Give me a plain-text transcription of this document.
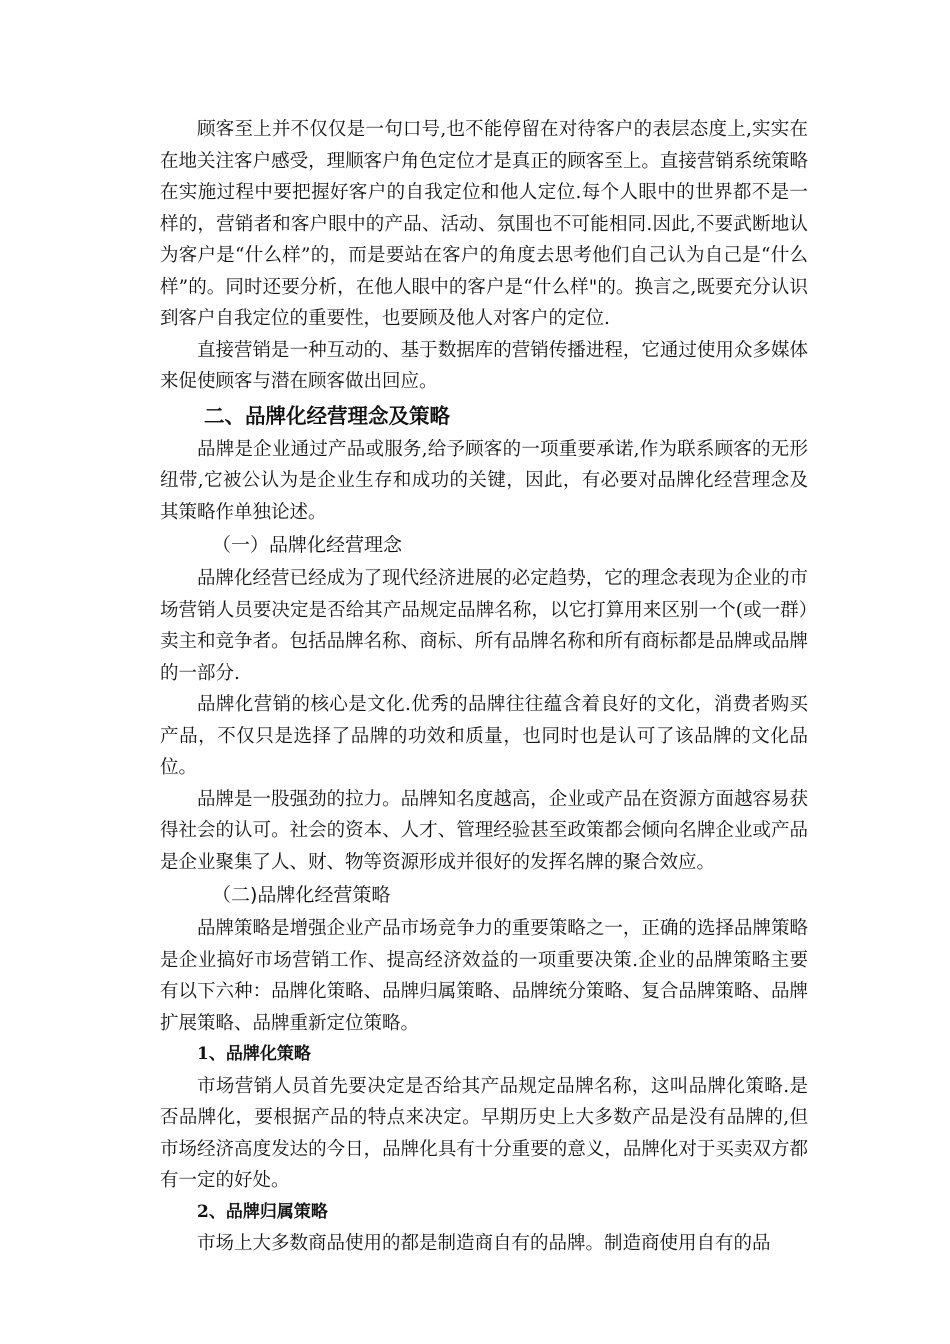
顾客至上并不仅仅是一句口号,也不能停留在对待客户的表层态度上,实实在在地关注客户感受，理顺客户角色定位才是真正的顾客至上。直接营销系统策略在实施过程中要把握好客户的自我定位和他人定位.每个人眼中的世界都不是一样的，营销者和客户眼中的产品、活动、氛围也不可能相同.因此,不要武断地认为客户是“什么样”的，而是要站在客户的角度去思考他们自己认为自己是“什么样”的。同时还要分析，在他人眼中的客户是“什么样"的。换言之,既要充分认识到客户自我定位的重要性，也要顾及他人对客户的定位.

直接营销是一种互动的、基于数据库的营销传播进程，它通过使用众多媒体来促使顾客与潜在顾客做出回应。

二、品牌化经营理念及策略

品牌是企业通过产品或服务,给予顾客的一项重要承诺,作为联系顾客的无形纽带,它被公认为是企业生存和成功的关键，因此，有必要对品牌化经营理念及其策略作单独论述。

（一）品牌化经营理念

品牌化经营已经成为了现代经济进展的必定趋势，它的理念表现为企业的市场营销人员要决定是否给其产品规定品牌名称，以它打算用来区别一个(或一群）卖主和竞争者。包括品牌名称、商标、所有品牌名称和所有商标都是品牌或品牌的一部分.

品牌化营销的核心是文化.优秀的品牌往往蕴含着良好的文化，消费者购买产品，不仅只是选择了品牌的功效和质量，也同时也是认可了该品牌的文化品位。

品牌是一股强劲的拉力。品牌知名度越高，企业或产品在资源方面越容易获得社会的认可。社会的资本、人才、管理经验甚至政策都会倾向名牌企业或产品是企业聚集了人、财、物等资源形成并很好的发挥名牌的聚合效应。

（二)品牌化经营策略

品牌策略是增强企业产品市场竞争力的重要策略之一，正确的选择品牌策略是企业搞好市场营销工作、提高经济效益的一项重要决策.企业的品牌策略主要有以下六种：品牌化策略、品牌归属策略、品牌统分策略、复合品牌策略、品牌扩展策略、品牌重新定位策略。

1、品牌化策略

市场营销人员首先要决定是否给其产品规定品牌名称，这叫品牌化策略.是否品牌化，要根据产品的特点来决定。早期历史上大多数产品是没有品牌的,但市场经济高度发达的今日，品牌化具有十分重要的意义，品牌化对于买卖双方都有一定的好处。

2、品牌归属策略

市场上大多数商品使用的都是制造商自有的品牌。制造商使用自有的品
